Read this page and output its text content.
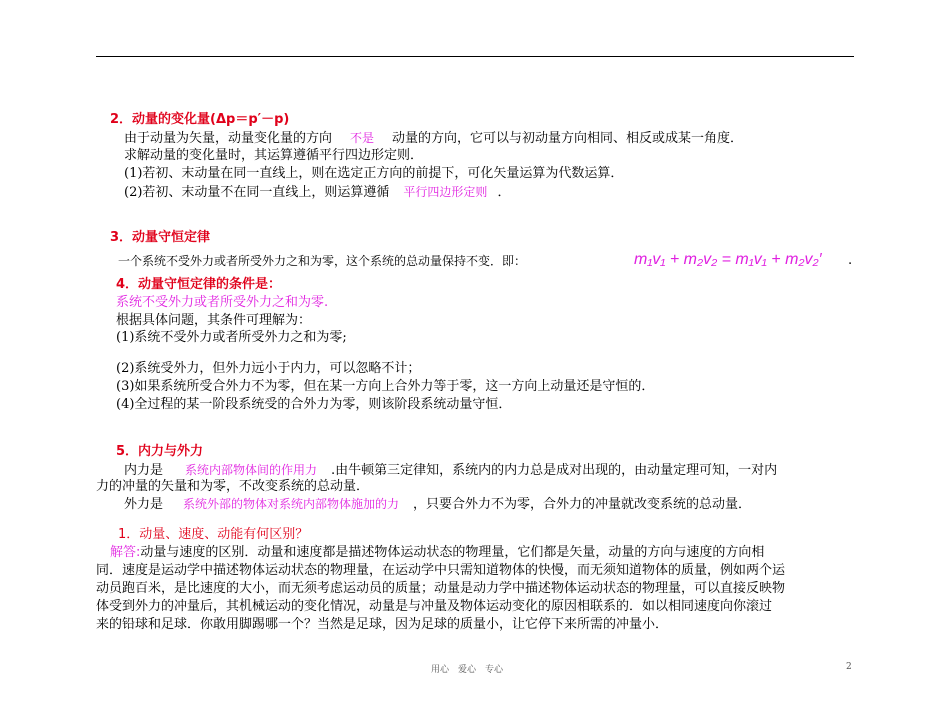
2．动量的变化量(Δp＝p′－p)
由于动量为矢量，动量变化量的方向 不是 动量的方向，它可以与初动量方向相同、相反或成某一角度．
求解动量的变化量时，其运算遵循平行四边形定则．
(1)若初、末动量在同一直线上，则在选定正方向的前提下，可化矢量运算为代数运算．
(2)若初、末动量不在同一直线上，则运算遵循 平行四边形定则 ．
3．动量守恒定律
一个系统不受外力或者所受外力之和为零，这个系统的总动量保持不变．即：	m₁v₁ + m₂v₂ = m₁v₁ + m₂v₂′ .
4．动量守恒定律的条件是：
系统不受外力或者所受外力之和为零.
根据具体问题，其条件可理解为：
(1)系统不受外力或者所受外力之和为零;
(2)系统受外力，但外力远小于内力，可以忽略不计；
(3)如果系统所受合外力不为零，但在某一方向上合外力等于零，这一方向上动量还是守恒的．
(4)全过程的某一阶段系统受的合外力为零，则该阶段系统动量守恒．
5．内力与外力
内力是 系统内部物体间的作用力 .由牛顿第三定律知，系统内的内力总是成对出现的，由动量定理可知，一对内
力的冲量的矢量和为零，不改变系统的总动量．
外力是 系统外部的物体对系统内部物体施加的力 ，只要合外力不为零，合外力的冲量就改变系统的总动量．
1．动量、速度、动能有何区别？
解答:动量与速度的区别．动量和速度都是描述物体运动状态的物理量，它们都是矢量，动量的方向与速度的方向相
同．速度是运动学中描述物体运动状态的物理量，在运动学中只需知道物体的快慢，而无须知道物体的质量，例如两个运
动员跑百米，是比速度的大小，而无须考虑运动员的质量；动量是动力学中描述物体运动状态的物理量，可以直接反映物
体受到外力的冲量后，其机械运动的变化情况，动量是与冲量及物体运动变化的原因相联系的．如以相同速度向你滚过
来的铅球和足球．你敢用脚踢哪一个？当然是足球，因为足球的质量小，让它停下来所需的冲量小．
用心　爱心　专心	2
